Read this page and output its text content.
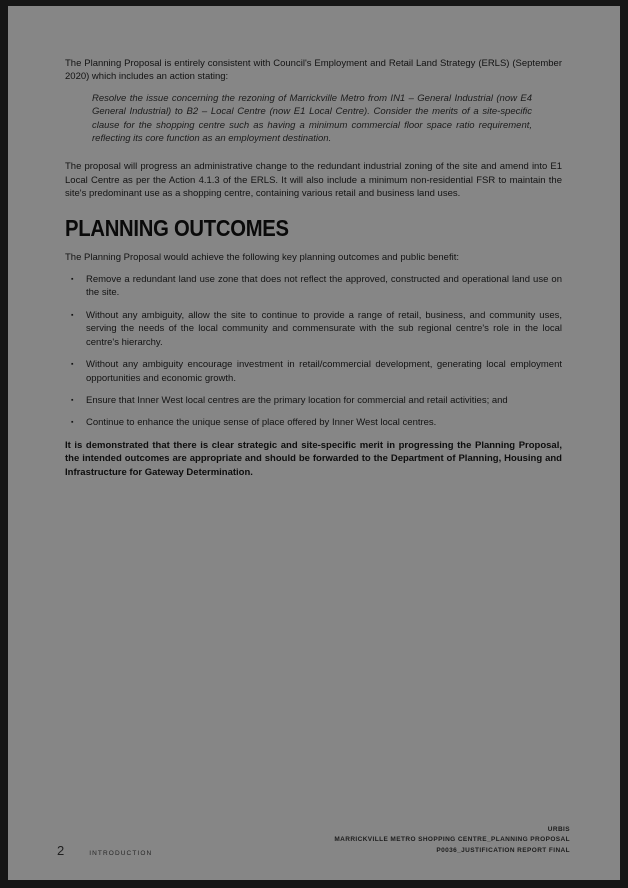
The Planning Proposal is entirely consistent with Council's Employment and Retail Land Strategy (ERLS) (September 2020) which includes an action stating:

Resolve the issue concerning the rezoning of Marrickville Metro from IN1 – General Industrial (now E4 General Industrial) to B2 – Local Centre (now E1 Local Centre). Consider the merits of a site-specific clause for the shopping centre such as having a minimum commercial floor space ratio requirement, reflecting its core function as an employment destination.

The proposal will progress an administrative change to the redundant industrial zoning of the site and amend into E1 Local Centre as per the Action 4.1.3 of the ERLS. It will also include a minimum non-residential FSR to maintain the site's predominant use as a shopping centre, containing various retail and business land uses.

PLANNING OUTCOMES

The Planning Proposal would achieve the following key planning outcomes and public benefit:

▪	Remove a redundant land use zone that does not reflect the approved, constructed and operational land use on the site.
▪	Without any ambiguity, allow the site to continue to provide a range of retail, business, and community uses, serving the needs of the local community and commensurate with the sub regional centre's role in the local centre's hierarchy.
▪	Without any ambiguity encourage investment in retail/commercial development, generating local employment opportunities and economic growth.
▪	Ensure that Inner West local centres are the primary location for commercial and retail activities; and
▪	Continue to enhance the unique sense of place offered by Inner West local centres.

It is demonstrated that there is clear strategic and site-specific merit in progressing the Planning Proposal, the intended outcomes are appropriate and should be forwarded to the Department of Planning, Housing and Infrastructure for Gateway Determination.

2	INTRODUCTION
URBIS
MARRICKVILLE METRO SHOPPING CENTRE_PLANNING PROPOSAL
P0036_JUSTIFICATION REPORT FINAL
